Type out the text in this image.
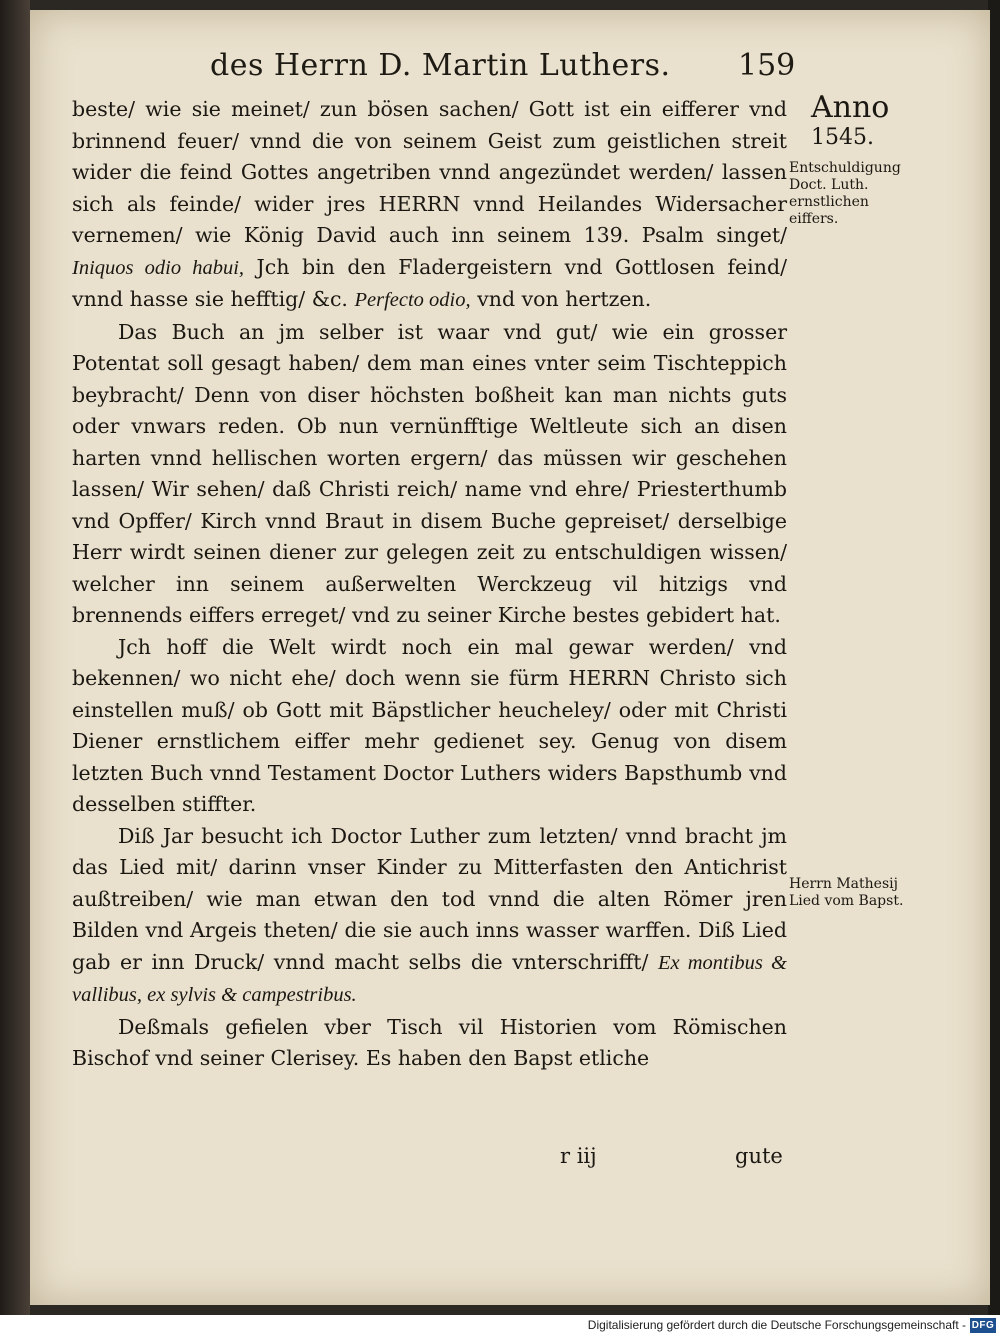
des Herrn D. Martin Luthers. 159
Anno
1545.
Entschuldigung Doct. Luth. ernstlichen eiffers.
Herrn Mathesij Lied vom Bapst.

beste/ wie sie meinet/ zun bösen sachen/ Gott ist ein eifferer vnd brinnend feuer/ vnnd die von seinem Geist zum geistlichen streit wider die feind Gottes angetriben vnnd angezündet werden/ lassen sich als feinde/ wider jres HERRN vnnd Heilandes Widersacher vernemen/ wie König David auch inn seinem 139. Psalm singet/ Iniquos odio habui, Jch bin den Fladergeistern vnd Gottlosen feind/ vnnd hasse sie hefftig/ &c. Perfecto odio, vnd von hertzen.

Das Buch an jm selber ist waar vnd gut/ wie ein grosser Potentat soll gesagt haben/ dem man eines vnter seim Tischteppich beybracht/ Denn von diser höchsten boßheit kan man nichts guts oder vnwars reden. Ob nun vernünfftige Weltleute sich an disen harten vnnd hellischen worten ergern/ das müssen wir geschehen lassen/ Wir sehen/ daß Christi reich/ name vnd ehre/ Priesterthumb vnd Opffer/ Kirch vnnd Braut in disem Buche gepreiset/ derselbige Herr wirdt seinen diener zur gelegen zeit zu entschuldigen wissen/ welcher inn seinem außerwelten Werckzeug vil hitzigs vnd brennends eiffers erreget/ vnd zu seiner Kirche bestes gebidert hat.

Jch hoff die Welt wirdt noch ein mal gewar werden/ vnd bekennen/ wo nicht ehe/ doch wenn sie fürm HERRN Christo sich einstellen muß/ ob Gott mit Bäpstlicher heucheley/ oder mit Christi Diener ernstlichem eiffer mehr gedienet sey. Genug von disem letzten Buch vnnd Testament Doctor Luthers widers Bapsthumb vnd desselben stiffter.

Diß Jar besucht ich Doctor Luther zum letzten/ vnnd bracht jm das Lied mit/ darinn vnser Kinder zu Mitterfasten den Antichrist außtreiben/ wie man etwan den tod vnnd die alten Römer jren Bilden vnd Argeis theten/ die sie auch inns wasser warffen. Diß Lied gab er inn Druck/ vnnd macht selbs die vnterschrifft/ Ex montibus & vallibus, ex sylvis & campestribus.

Deßmals gefielen vber Tisch vil Historien vom Römischen Bischof vnd seiner Clerisey. Es haben den Bapst etliche

r iij	gute
Digitalisierung gefördert durch die Deutsche Forschungsgemeinschaft - DFG
